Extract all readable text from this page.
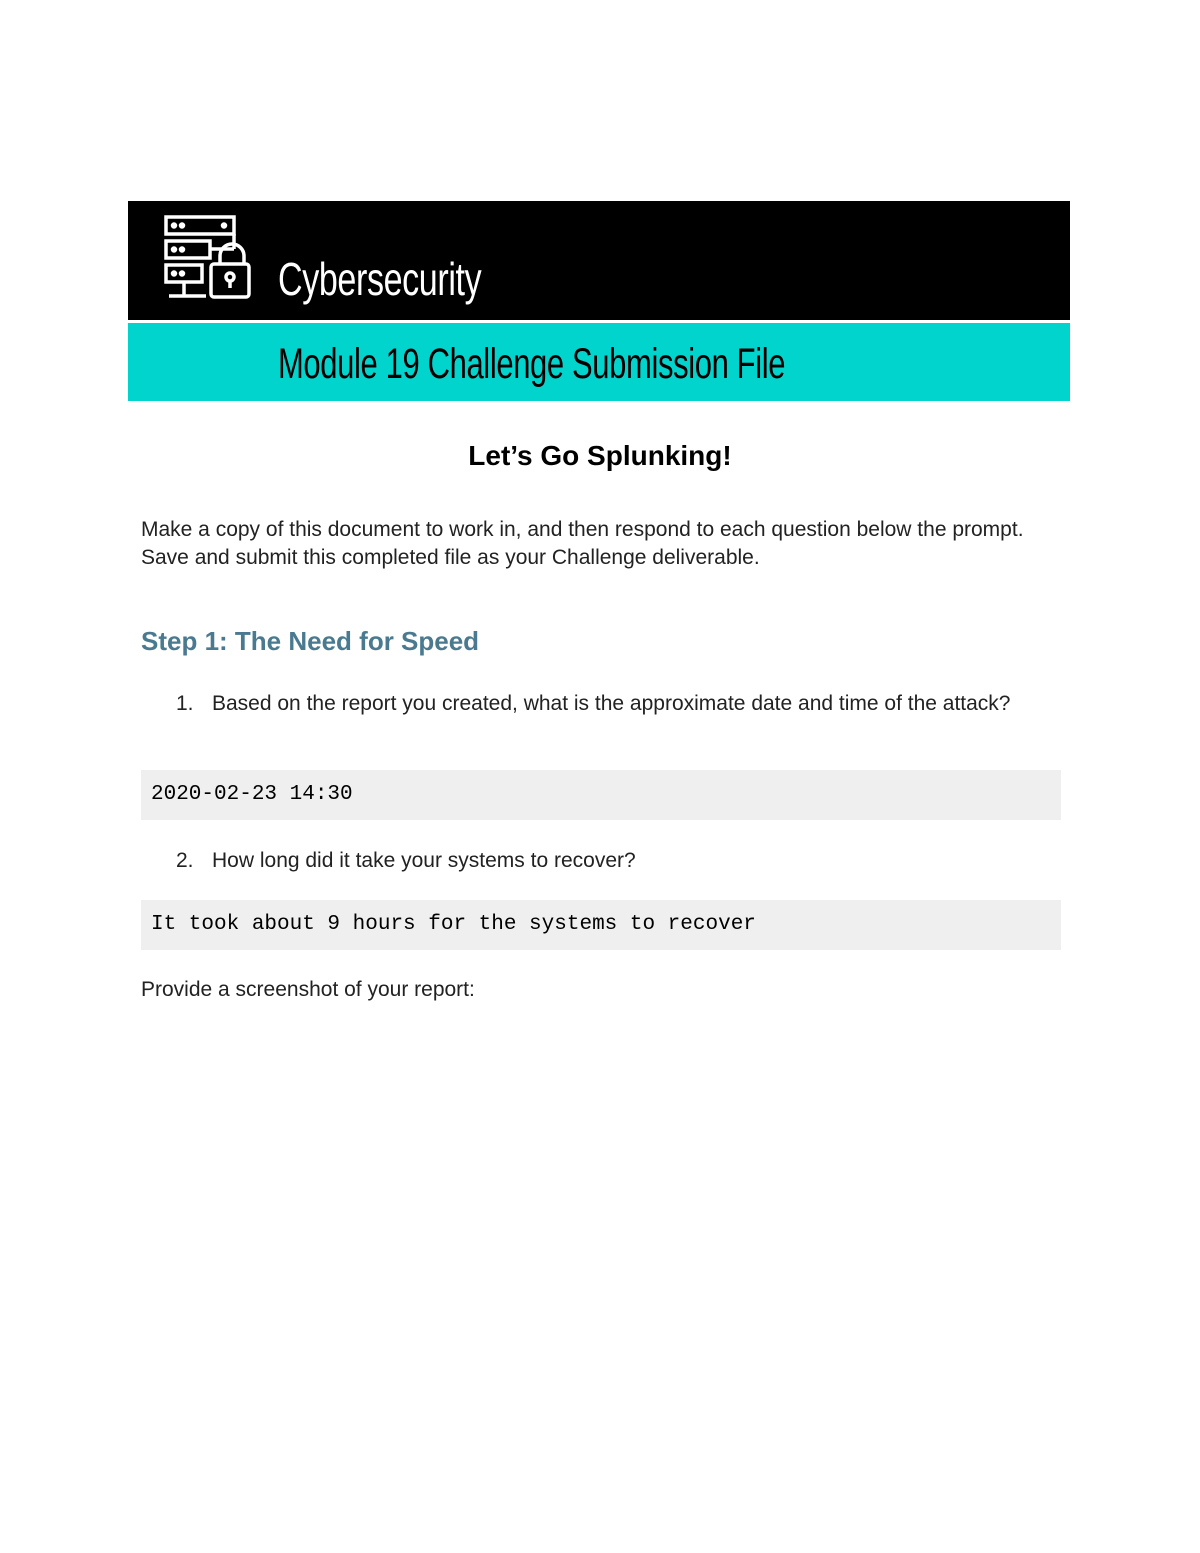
Cybersecurity
Module 19 Challenge Submission File
Let’s Go Splunking!
Make a copy of this document to work in, and then respond to each question below the prompt. Save and submit this completed file as your Challenge deliverable.
Step 1: The Need for Speed
1. Based on the report you created, what is the approximate date and time of the attack?
2020-02-23 14:30
2. How long did it take your systems to recover?
It took about 9 hours for the systems to recover
Provide a screenshot of your report:
